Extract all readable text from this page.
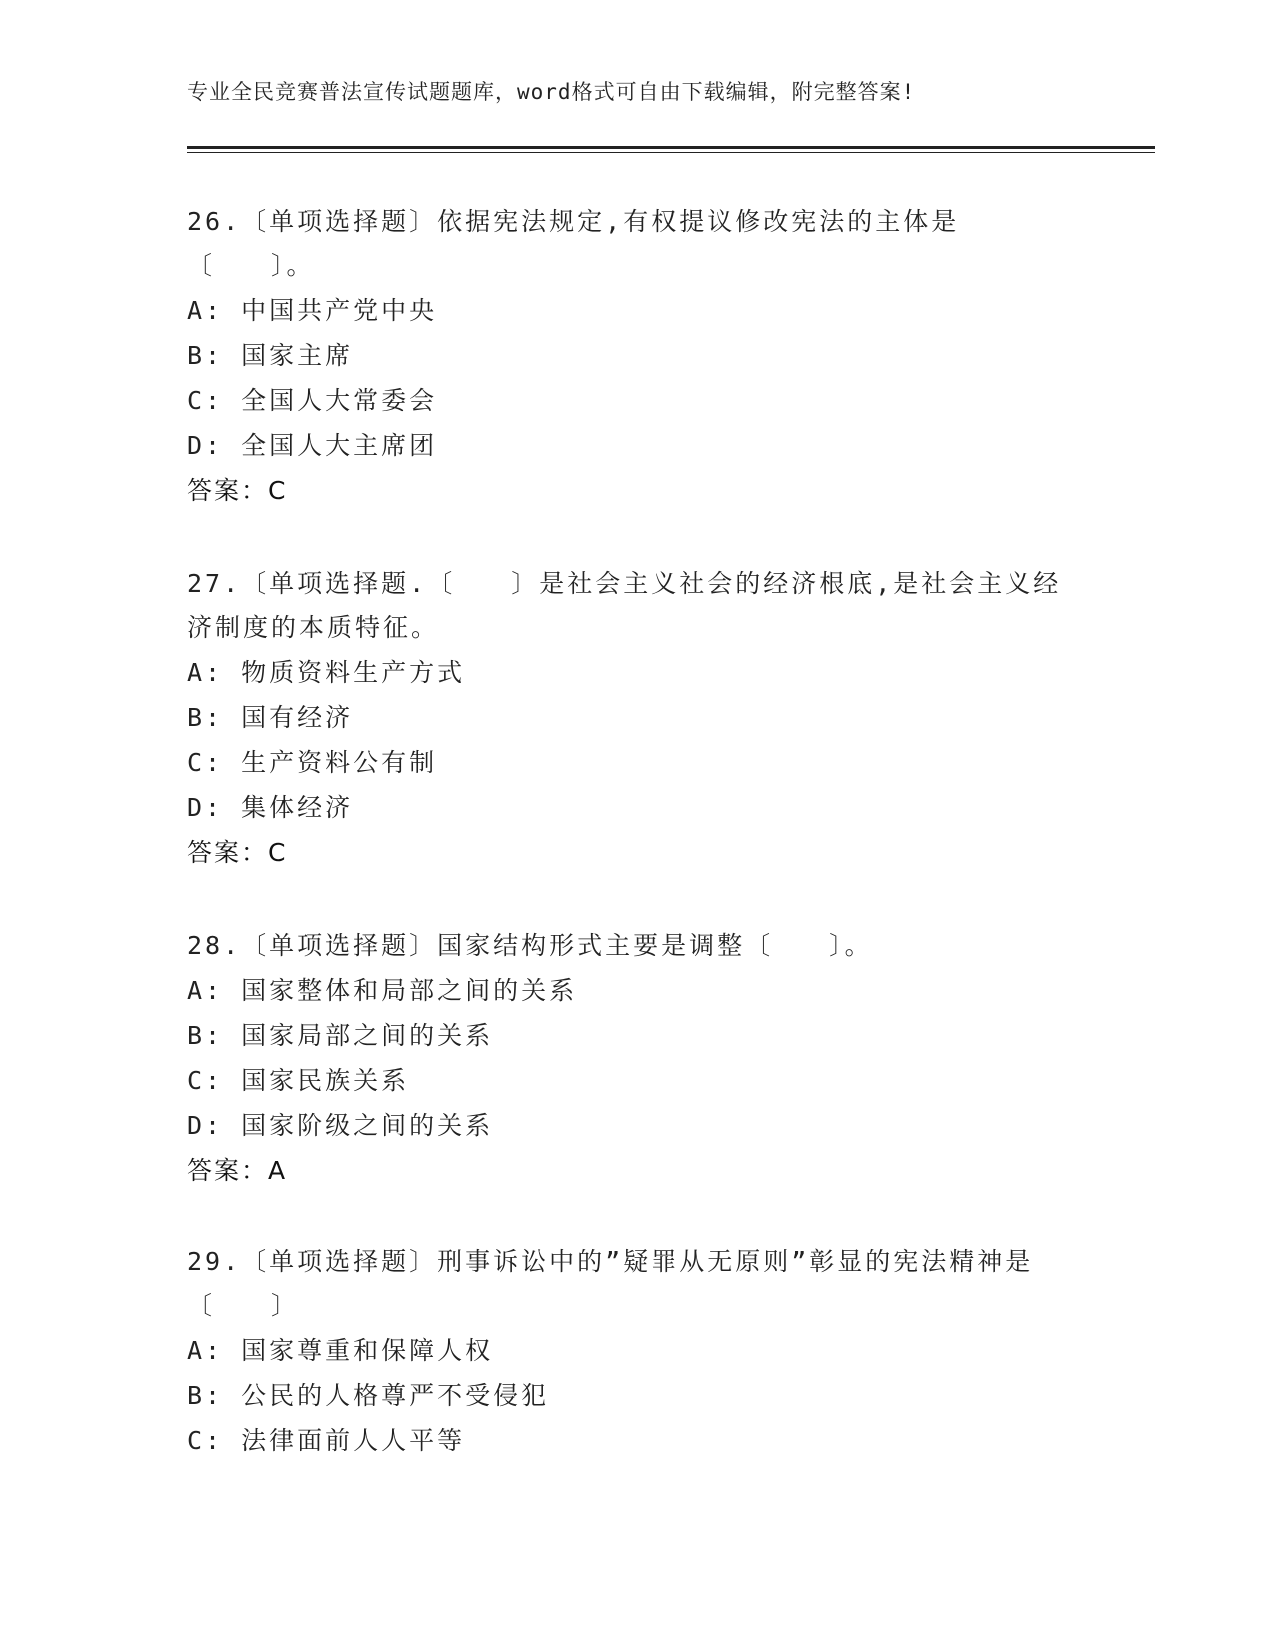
专业全民竞赛普法宣传试题题库，word格式可自由下载编辑，附完整答案!

26.〔单项选择题〕依据宪法规定,有权提议修改宪法的主体是〔　　〕。

A: 中国共产党中央

B: 国家主席

C: 全国人大常委会

D: 全国人大主席团

答案：C

27.〔单项选择题.〔　　〕是社会主义社会的经济根底,是社会主义经济制度的本质特征。

A: 物质资料生产方式

B: 国有经济

C: 生产资料公有制

D: 集体经济

答案：C

28.〔单项选择题〕国家结构形式主要是调整〔　　〕。

A: 国家整体和局部之间的关系

B: 国家局部之间的关系

C: 国家民族关系

D: 国家阶级之间的关系

答案：A

29.〔单项选择题〕刑事诉讼中的”疑罪从无原则”彰显的宪法精神是〔　　〕

A: 国家尊重和保障人权

B: 公民的人格尊严不受侵犯

C: 法律面前人人平等
